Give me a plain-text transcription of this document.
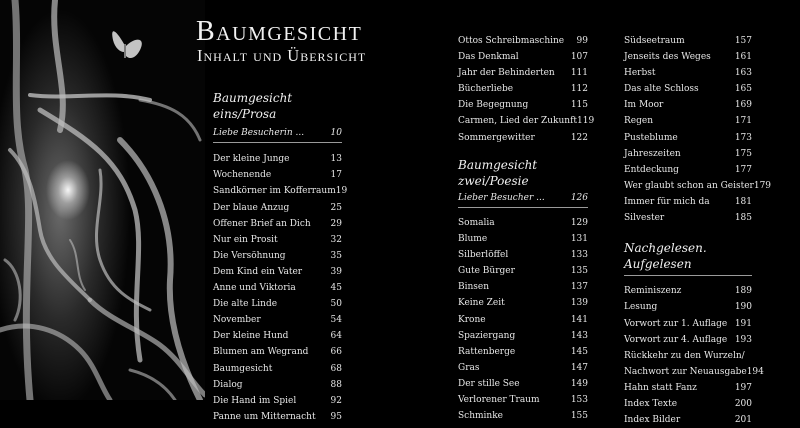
Baumgesicht
Inhalt und Übersicht
Baumgesicht eins/Prosa
Liebe Besucherin ...	10
Der kleine Junge	13
Wochenende	17
Sandkörner im Kofferraum 19
Der blaue Anzug	25
Offener Brief an Dich 29
Nur ein Prosit	32
Die Versöhnung	35
Dem Kind ein Vater	39
Anne und Viktoria	45
Die alte Linde	50
November	54
Der kleine Hund	64
Blumen am Wegrand 66
Baumgesicht	68
Dialog	88
Die Hand im Spiel	92
Panne um Mitternacht 95
Ottos Schreibmaschine 99
Das Denkmal	107
Jahr der Behinderten 111
Bücherliebe	112
Die Begegnung	115
Carmen, Lied der Zukunft 119
Sommergewitter	122
Baumgesicht zwei/Poesie
Lieber Besucher ...	126
Somalia	129
Blume	131
Silberlöffel	133
Gute Bürger	135
Binsen	137
Keine Zeit	139
Krone	141
Spaziergang	143
Rattenberge	145
Gras	147
Der stille See	149
Verlorener Traum	153
Schminke	155
Südseetraum	157
Jenseits des Weges	161
Herbst	163
Das alte Schloss	165
Im Moor	169
Regen	171
Pusteblume	173
Jahreszeiten	175
Entdeckung	177
Wer glaubt schon an Geister 179
Immer für mich da	181
Silvester	185
Nachgelesen. Aufgelesen
Reminiszenz	189
Lesung	190
Vorwort zur 1. Auflage 191
Vorwort zur 4. Auflage 193
Rückkehr zu den Wurzeln/
Nachwort zur Neuausgabe 194
Hahn statt Fanz	197
Index Texte	200
Index Bilder	201
